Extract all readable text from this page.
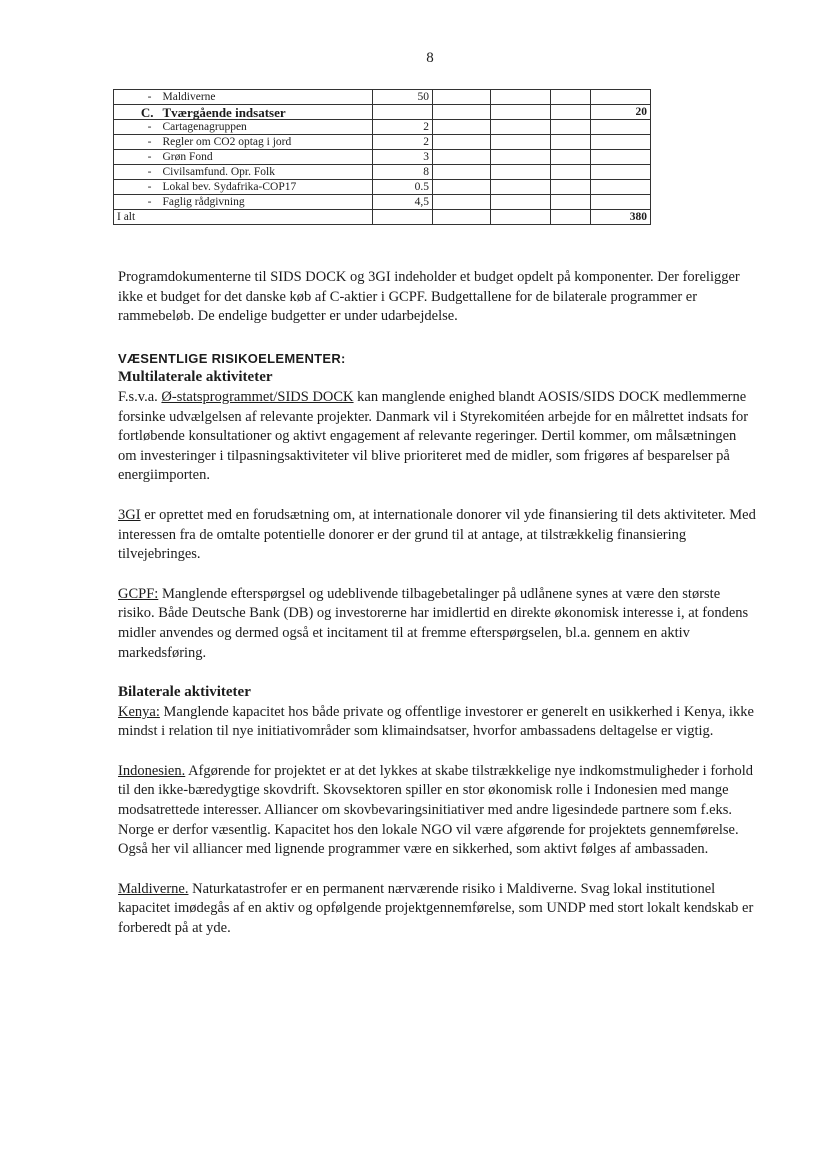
8
-	Maldiverne	50				
C.	Tværgående indsatser					20
-	Cartagenagruppen	2				
-	Regler om CO2 optag i jord	2				
-	Grøn Fond	3				
-	Civilsamfund. Opr. Folk	8				
-	Lokal bev. Sydafrika-COP17	0.5				
-	Faglig rådgivning	4,5				
I alt						380

Programdokumenterne til SIDS DOCK og 3GI indeholder et budget opdelt på komponenter. Der foreligger ikke et budget for det danske køb af C-aktier i GCPF. Budgettallene for de bilaterale programmer er rammebeløb. De endelige budgetter er under udarbejdelse.

VÆSENTLIGE RISIKOELEMENTER:

Multilaterale aktiviteter

F.s.v.a. Ø-statsprogrammet/SIDS DOCK kan manglende enighed blandt AOSIS/SIDS DOCK medlemmerne forsinke udvælgelsen af relevante projekter. Danmark vil i Styrekomitéen arbejde for en målrettet indsats for fortløbende konsultationer og aktivt engagement af relevante regeringer. Dertil kommer, om målsætningen om investeringer i tilpasningsaktiviteter vil blive prioriteret med de midler, som frigøres af besparelser på energiimporten.

3GI er oprettet med en forudsætning om, at internationale donorer vil yde finansiering til dets aktiviteter. Med interessen fra de omtalte potentielle donorer er der grund til at antage, at tilstrækkelig finansiering tilvejebringes.

GCPF: Manglende efterspørgsel og udeblivende tilbagebetalinger på udlånene synes at være den største risiko. Både Deutsche Bank (DB) og investorerne har imidlertid en direkte økonomisk interesse i, at fondens midler anvendes og dermed også et incitament til at fremme efterspørgselen, bl.a. gennem en aktiv markedsføring.

Bilaterale aktiviteter

Kenya: Manglende kapacitet hos både private og offentlige investorer er generelt en usikkerhed i Kenya, ikke mindst i relation til nye initiativområder som klimaindsatser, hvorfor ambassadens deltagelse er vigtig.

Indonesien. Afgørende for projektet er at det lykkes at skabe tilstrækkelige nye indkomstmuligheder i forhold til den ikke-bæredygtige skovdrift. Skovsektoren spiller en stor økonomisk rolle i Indonesien med mange modsatrettede interesser. Alliancer om skovbevaringsinitiativer med andre ligesindede partnere som f.eks. Norge er derfor væsentlig. Kapacitet hos den lokale NGO vil være afgørende for projektets gennemførelse. Også her vil alliancer med lignende programmer være en sikkerhed, som aktivt følges af ambassaden.

Maldiverne. Naturkatastrofer er en permanent nærværende risiko i Maldiverne. Svag lokal institutionel kapacitet imødegås af en aktiv og opfølgende projektgennemførelse, som UNDP med stort lokalt kendskab er forberedt på at yde.
